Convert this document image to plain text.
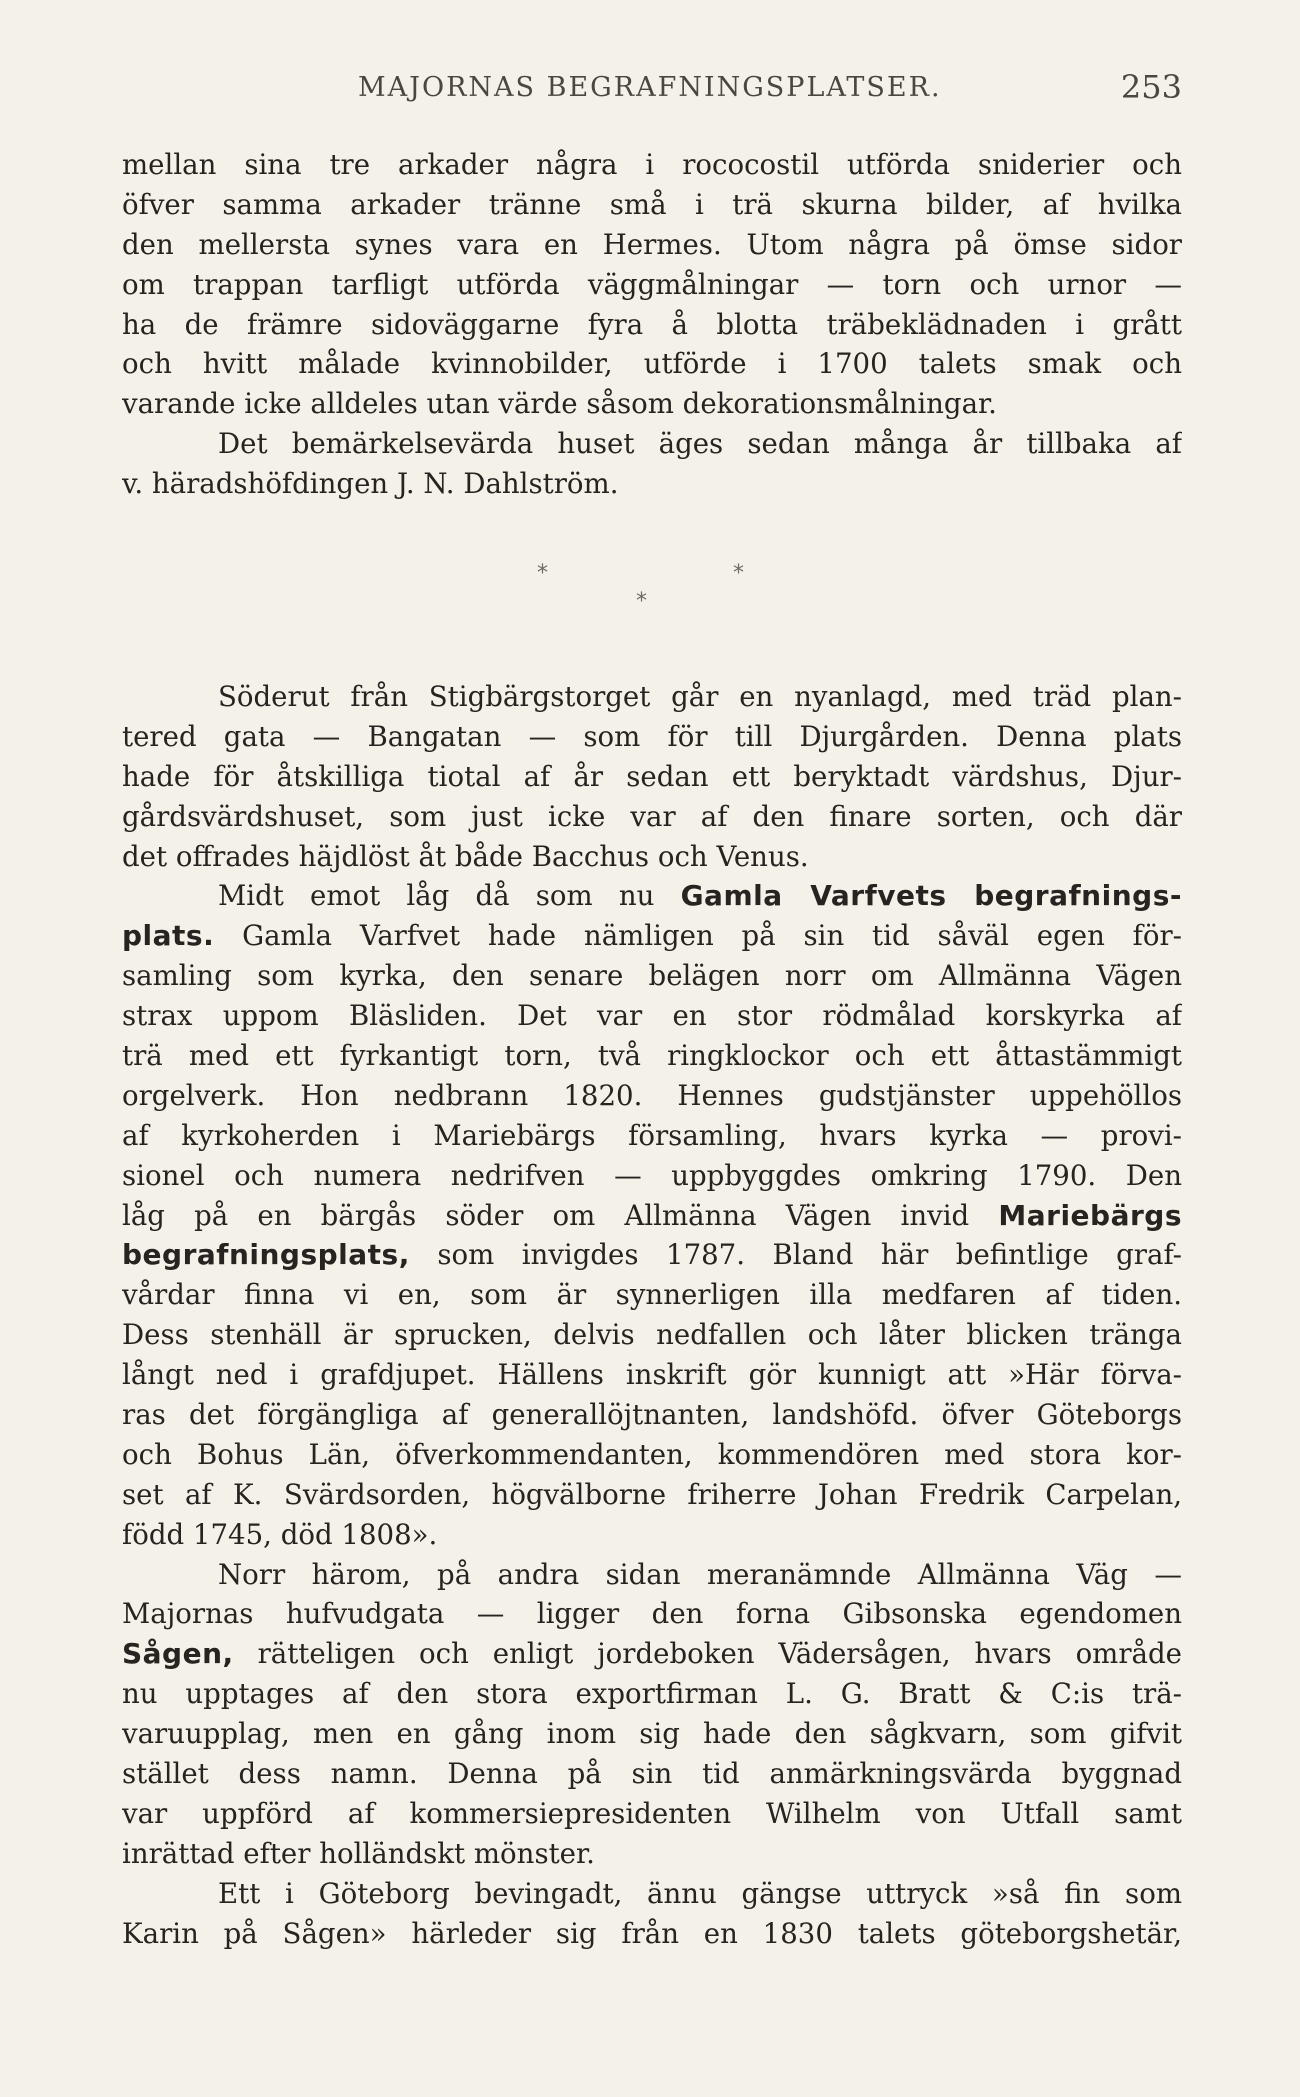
MAJORNAS BEGRAFNINGSPLATSER.	253
mellan sina tre arkader några i rococostil utförda sniderier och
öfver samma arkader tränne små i trä skurna bilder, af hvilka
den mellersta synes vara en Hermes. Utom några på ömse sidor
om trappan tarfligt utförda väggmålningar — torn och urnor —
ha de främre sidoväggarne fyra å blotta träbeklädnaden i grått
och hvitt målade kvinnobilder, utförde i 1700 talets smak och
varande icke alldeles utan värde såsom dekorationsmålningar.
Det bemärkelsevärda huset äges sedan många år tillbaka af
v. häradshöfdingen J. N. Dahlström.
*	*
*
Söderut från Stigbärgstorget går en nyanlagd, med träd plan-
tered gata — Bangatan — som för till Djurgården. Denna plats
hade för åtskilliga tiotal af år sedan ett beryktadt värdshus, Djur-
gårdsvärdshuset, som just icke var af den finare sorten, och där
det offrades häjdlöst åt både Bacchus och Venus.
Midt emot låg då som nu Gamla Varfvets begrafnings-
plats. Gamla Varfvet hade nämligen på sin tid såväl egen för-
samling som kyrka, den senare belägen norr om Allmänna Vägen
strax uppom Bläsliden. Det var en stor rödmålad korskyrka af
trä med ett fyrkantigt torn, två ringklockor och ett åttastämmigt
orgelverk. Hon nedbrann 1820. Hennes gudstjänster uppehöllos
af kyrkoherden i Mariebärgs församling, hvars kyrka — provi-
sionel och numera nedrifven — uppbyggdes omkring 1790. Den
låg på en bärgås söder om Allmänna Vägen invid Mariebärgs
begrafningsplats, som invigdes 1787. Bland här befintlige graf-
vårdar finna vi en, som är synnerligen illa medfaren af tiden.
Dess stenhäll är sprucken, delvis nedfallen och låter blicken tränga
långt ned i grafdjupet. Hällens inskrift gör kunnigt att »Här förva-
ras det förgängliga af generallöjtnanten, landshöfd. öfver Göteborgs
och Bohus Län, öfverkommendanten, kommendören med stora kor-
set af K. Svärdsorden, högvälborne friherre Johan Fredrik Carpelan,
född 1745, död 1808».
Norr härom, på andra sidan meranämnde Allmänna Väg —
Majornas hufvudgata — ligger den forna Gibsonska egendomen
Sågen, rätteligen och enligt jordeboken Vädersågen, hvars område
nu upptages af den stora exportfirman L. G. Bratt & C:is trä-
varuupplag, men en gång inom sig hade den sågkvarn, som gifvit
stället dess namn. Denna på sin tid anmärkningsvärda byggnad
var uppförd af kommersiepresidenten Wilhelm von Utfall samt
inrättad efter holländskt mönster.
Ett i Göteborg bevingadt, ännu gängse uttryck »så fin som
Karin på Sågen» härleder sig från en 1830 talets göteborgshetär,
